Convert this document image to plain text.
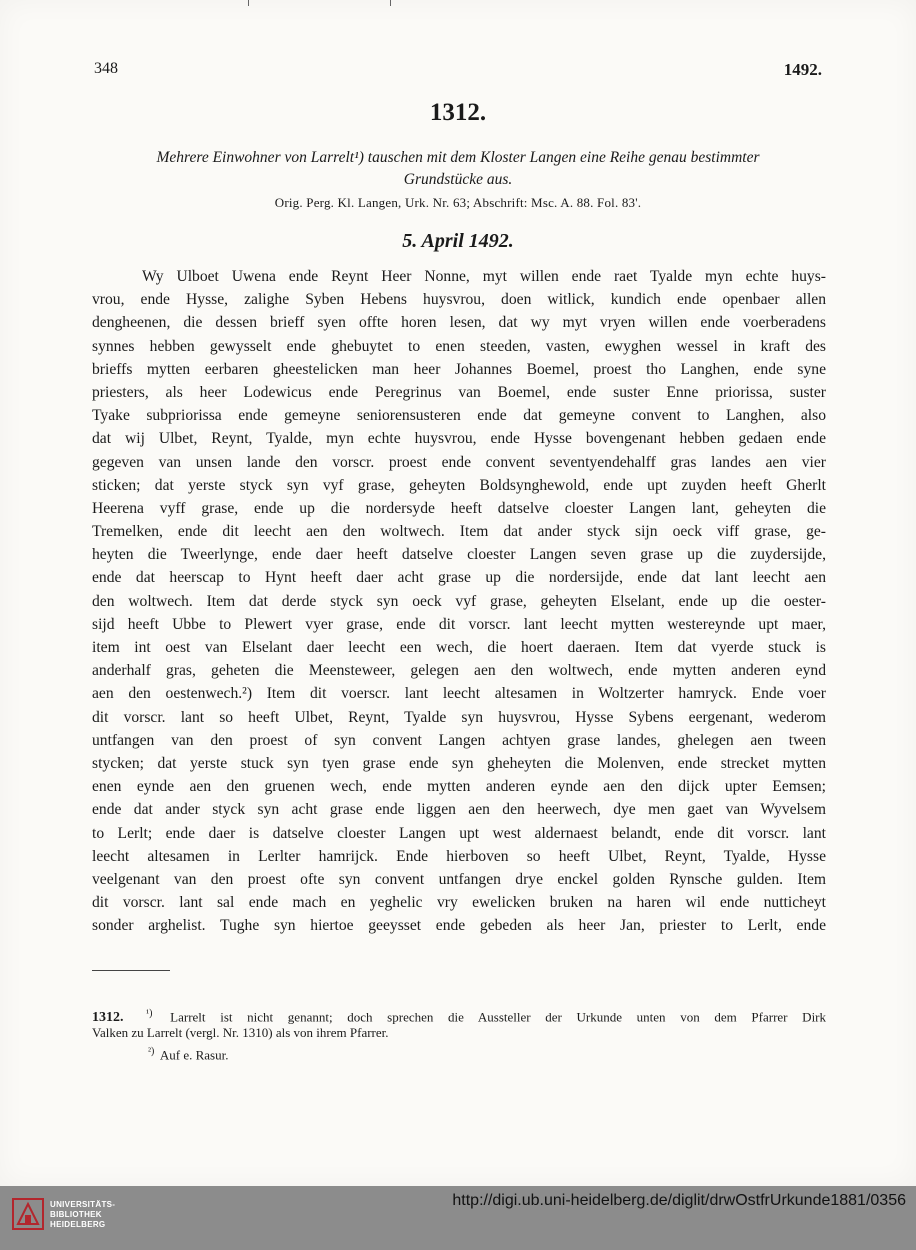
348	1492.
1312.
Mehrere Einwohner von Larrelt¹) tauschen mit dem Kloster Langen eine Reihe genau bestimmter
Grundstücke aus.
Orig. Perg. Kl. Langen, Urk. Nr. 63; Abschrift: Msc. A. 88. Fol. 83'.
5. April 1492.
Wy Ulboet Uwena ende Reynt Heer Nonne, myt willen ende raet Tyalde myn echte huys-
vrou, ende Hysse, zalighe Syben Hebens huysvrou, doen witlick, kundich ende openbaer allen
dengheenen, die dessen brieff syen offte horen lesen, dat wy myt vryen willen ende voerberadens
synnes hebben gewysselt ende ghebuytet to enen steeden, vasten, ewyghen wessel in kraft des
brieffs mytten eerbaren gheestelicken man heer Johannes Boemel, proest tho Langhen, ende syne
priesters, als heer Lodewicus ende Peregrinus van Boemel, ende suster Enne priorissa, suster
Tyake subpriorissa ende gemeyne seniorensusteren ende dat gemeyne convent to Langhen, also
dat wij Ulbet, Reynt, Tyalde, myn echte huysvrou, ende Hysse bovengenant hebben gedaen ende
gegeven van unsen lande den vorscr. proest ende convent seventyendehalff gras landes aen vier
sticken; dat yerste styck syn vyf grase, geheyten Boldsynghewold, ende upt zuyden heeft Gherlt
Heerena vyff grase, ende up die nordersyde heeft datselve cloester Langen lant, geheyten die
Tremelken, ende dit leecht aen den woltwech. Item dat ander styck sijn oeck viff grase, ge-
heyten die Tweerlynge, ende daer heeft datselve cloester Langen seven grase up die zuydersijde,
ende dat heerscap to Hynt heeft daer acht grase up die nordersijde, ende dat lant leecht aen
den woltwech. Item dat derde styck syn oeck vyf grase, geheyten Elselant, ende up die oester-
sijd heeft Ubbe to Plewert vyer grase, ende dit vorscr. lant leecht mytten westereynde upt maer,
item int oest van Elselant daer leecht een wech, die hoert daeraen. Item dat vyerde stuck is
anderhalf gras, geheten die Meensteweer, gelegen aen den woltwech, ende mytten anderen eynd
aen den oestenwech.²) Item dit voerscr. lant leecht altesamen in Woltzerter hamryck. Ende voer
dit vorscr. lant so heeft Ulbet, Reynt, Tyalde syn huysvrou, Hysse Sybens eergenant, wederom
untfangen van den proest of syn convent Langen achtyen grase landes, ghelegen aen tween
stycken; dat yerste stuck syn tyen grase ende syn gheheyten die Molenven, ende strecket mytten
enen eynde aen den gruenen wech, ende mytten anderen eynde aen den dijck upter Eemsen;
ende dat ander styck syn acht grase ende liggen aen den heerwech, dye men gaet van Wyvelsem
to Lerlt; ende daer is datselve cloester Langen upt west aldernaest belandt, ende dit vorscr. lant
leecht altesamen in Lerlter hamrijck. Ende hierboven so heeft Ulbet, Reynt, Tyalde, Hysse
veelgenant van den proest ofte syn convent untfangen drye enckel golden Rynsche gulden. Item
dit vorscr. lant sal ende mach en yeghelic vry ewelicken bruken na haren wil ende nutticheyt
sonder arghelist. Tughe syn hiertoe geeysset ende gebeden als heer Jan, priester to Lerlt, ende
1312. $^{^1)}$ Larrelt ist nicht genannt; doch sprechen die Aussteller der Urkunde unten von dem Pfarrer Dirk
Valken zu Larrelt (vergl. Nr. 1310) als von ihrem Pfarrer.
$^{^2)}$ Auf e. Rasur.
UNIVERSITÄTS-
BIBLIOTHEK
HEIDELBERG
http://digi.ub.uni-heidelberg.de/diglit/drwOstfrUrkunde1881/0356
